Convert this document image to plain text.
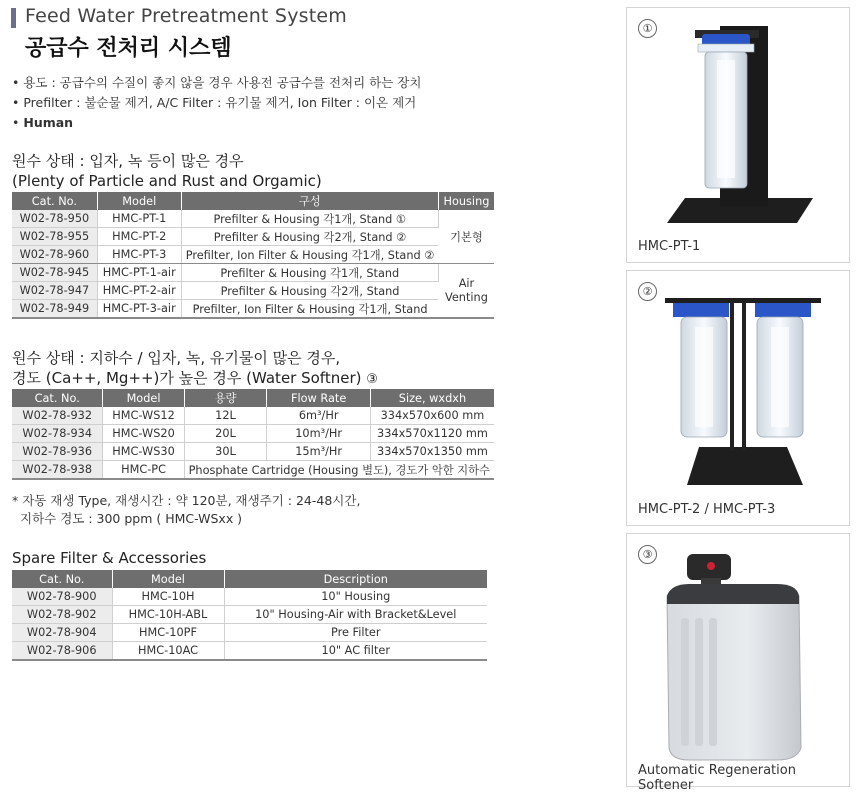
Feed Water Pretreatment System
공급수 전처리 시스템
• 용도 : 공급수의 수질이 좋지 않을 경우 사용전 공급수를 전처리 하는 장치
• Prefilter : 불순물 제거, A/C Filter : 유기물 제거, Ion Filter : 이온 제거
• Human
원수 상태 : 입자, 녹 등이 많은 경우
(Plenty of Particle and Rust and Orgamic)
Cat. No.	Model	구성	Housing
W02-78-950	HMC-PT-1	Prefilter & Housing 각1개, Stand ①	기본형
W02-78-955	HMC-PT-2	Prefilter & Housing 각2개, Stand ②	
W02-78-960	HMC-PT-3	Prefilter, Ion Filter & Housing 각1개, Stand ②	
W02-78-945	HMC-PT-1-air	Prefilter & Housing 각1개, Stand	Air Venting
W02-78-947	HMC-PT-2-air	Prefilter & Housing 각2개, Stand	
W02-78-949	HMC-PT-3-air	Prefilter, Ion Filter & Housing 각1개, Stand	
원수 상태 : 지하수 / 입자, 녹, 유기물이 많은 경우,
경도 (Ca++, Mg++)가 높은 경우 (Water Softner) ③
Cat. No.	Model	용량	Flow Rate	Size, wxdxh
W02-78-932	HMC-WS12	12L	6m³/Hr	334x570x600 mm
W02-78-934	HMC-WS20	20L	10m³/Hr	334x570x1120 mm
W02-78-936	HMC-WS30	30L	15m³/Hr	334x570x1350 mm
W02-78-938	HMC-PC	Phosphate Cartridge (Housing 별도), 경도가 악한 지하수		
* 자동 재생 Type, 재생시간 : 약 120분, 재생주기 : 24-48시간,
지하수 경도 : 300 ppm ( HMC-WSxx )
Spare Filter & Accessories
Cat. No.	Model	Description
W02-78-900	HMC-10H	10" Housing
W02-78-902	HMC-10H-ABL	10" Housing-Air with Bracket&Level
W02-78-904	HMC-10PF	Pre Filter
W02-78-906	HMC-10AC	10" AC filter
①
HMC-PT-1
②
HMC-PT-2 / HMC-PT-3
③
Automatic Regeneration Softener
